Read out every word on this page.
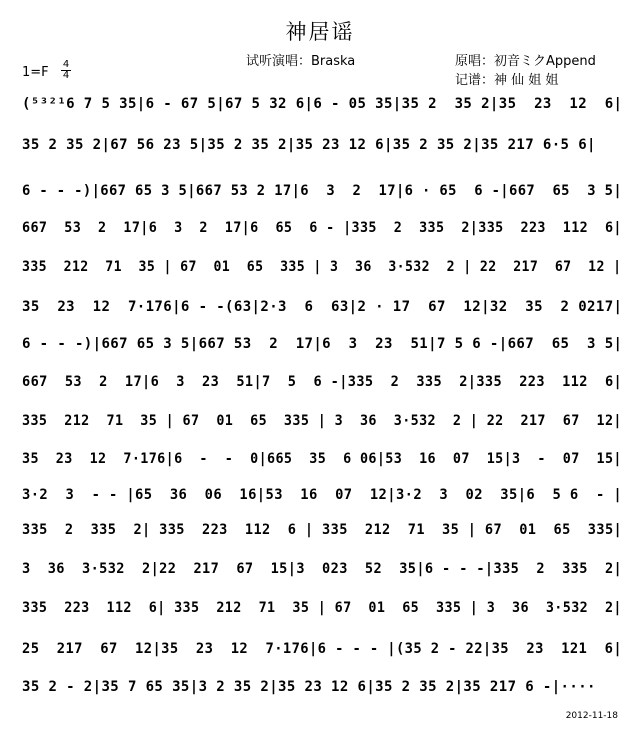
神居谣
试听演唱：Braska	原唱：初音ミクAppend
记谱：神 仙 姐 姐
1=F
4
4
(⁵³²¹6 7 5 35|6 - 67 5|67 5 32 6|6 - 05 35|35 2  35 2|35  23  12  6|
35 2 35 2|67 56 23 5|35 2 35 2|35 23 12 6|35 2 35 2|35 217 6·5 6|
6 - - -)|667 65 3 5|667 53 2 17|6  3  2  17|6 · 65  6 -|667  65  3 5|
667  53  2  17|6  3  2  17|6  65  6 - |335  2  335  2|335  223  112  6|
335  212  71  35 | 67  01  65  335 | 3  36  3·532  2 | 22  217  67  12 |
35  23  12  7·176|6 - -(63|2·3  6  63|2 · 17  67  12|32  35  2 0217|
6 - - -)|667 65 3 5|667 53  2  17|6  3  23  51|7 5 6 -|667  65  3 5|
667  53  2  17|6  3  23  51|7  5  6 -|335  2  335  2|335  223  112  6|
335  212  71  35 | 67  01  65  335 | 3  36  3·532  2 | 22  217  67  12|
35  23  12  7·176|6  -  -  0|665  35  6 06|53  16  07  15|3  -  07  15|
3·2  3  - - |65  36  06  16|53  16  07  12|3·2  3  02  35|6  5 6  - |
335  2  335  2| 335  223  112  6 | 335  212  71  35 | 67  01  65  335|
3  36  3·532  2|22  217  67  15|3  023  52  35|6 - - -|335  2  335  2|
335  223  112  6| 335  212  71  35 | 67  01  65  335 | 3  36  3·532  2|
25  217  67  12|35  23  12  7·176|6 - - - |(35 2 - 22|35  23  121  6|
35 2 - 2|35 7 65 35|3 2 35 2|35 23 12 6|35 2 35 2|35 217 6 -|····
2012-11-18
